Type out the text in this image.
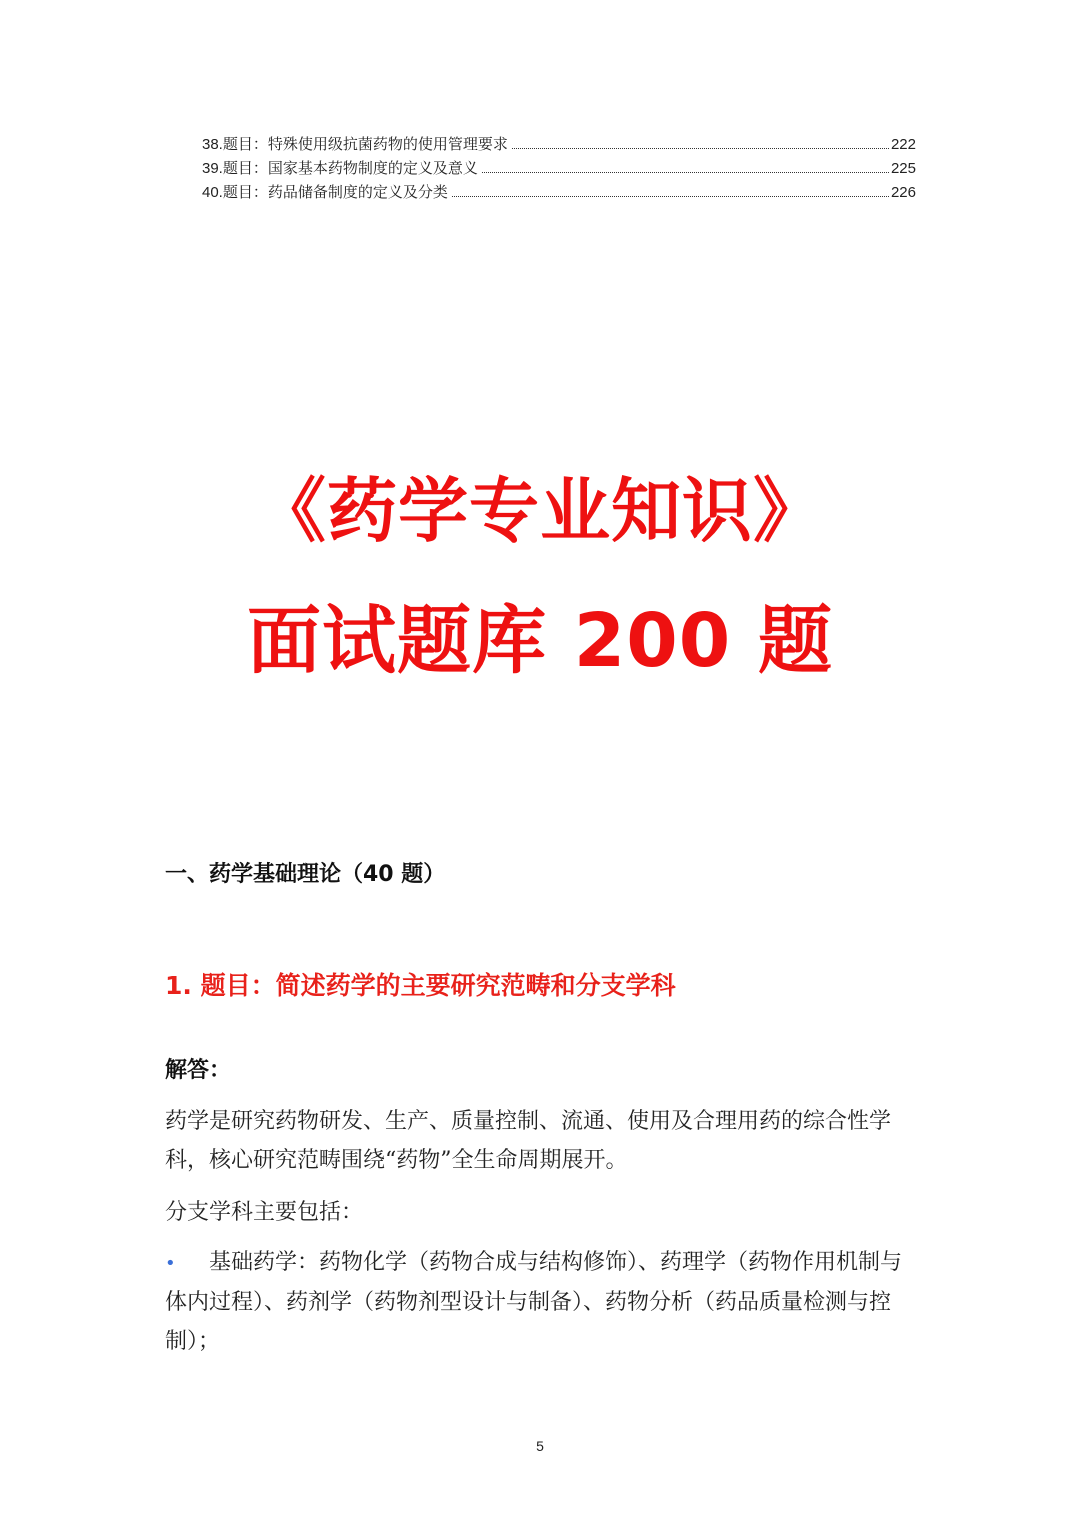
38. 题目：特殊使用级抗菌药物的使用管理要求	222
39. 题目：国家基本药物制度的定义及意义	225
40. 题目：药品储备制度的定义及分类	226
《药学专业知识》
面试题库 200 题
一、药学基础理论（40 题）
1. 题目：简述药学的主要研究范畴和分支学科
解答：
药学是研究药物研发、生产、质量控制、流通、使用及合理用药的综合性学科，核心研究范畴围绕“药物”全生命周期展开。
分支学科主要包括：
• 基础药学：药物化学（药物合成与结构修饰）、药理学（药物作用机制与体内过程）、药剂学（药物剂型设计与制备）、药物分析（药品质量检测与控制）；
5
